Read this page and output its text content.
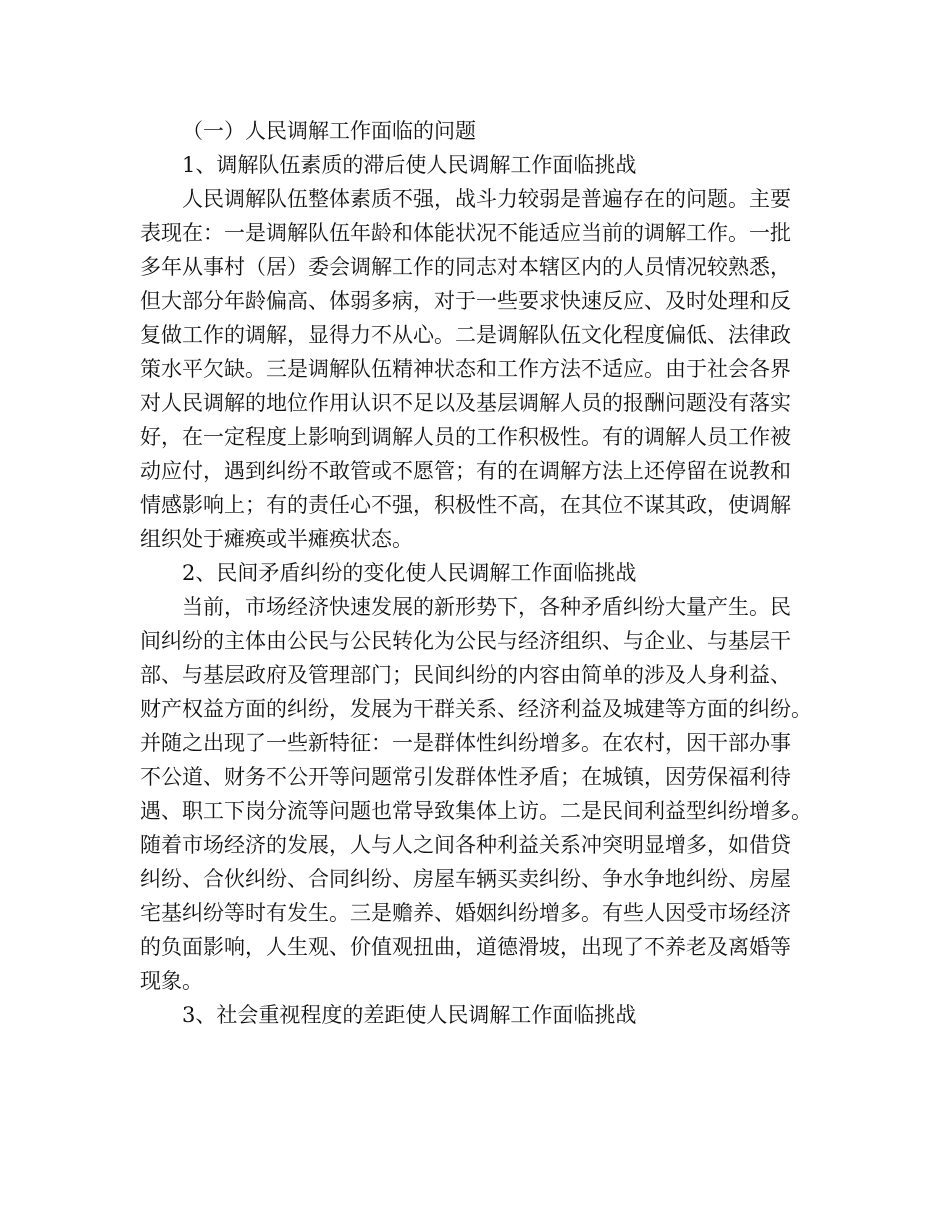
（一）人民调解工作面临的问题
1、调解队伍素质的滞后使人民调解工作面临挑战
人民调解队伍整体素质不强，战斗力较弱是普遍存在的问题。主要
表现在：一是调解队伍年龄和体能状况不能适应当前的调解工作。一批
多年从事村（居）委会调解工作的同志对本辖区内的人员情况较熟悉，
但大部分年龄偏高、体弱多病，对于一些要求快速反应、及时处理和反
复做工作的调解，显得力不从心。二是调解队伍文化程度偏低、法律政
策水平欠缺。三是调解队伍精神状态和工作方法不适应。由于社会各界
对人民调解的地位作用认识不足以及基层调解人员的报酬问题没有落实
好，在一定程度上影响到调解人员的工作积极性。有的调解人员工作被
动应付，遇到纠纷不敢管或不愿管；有的在调解方法上还停留在说教和
情感影响上；有的责任心不强，积极性不高，在其位不谋其政，使调解
组织处于瘫痪或半瘫痪状态。
2、民间矛盾纠纷的变化使人民调解工作面临挑战
当前，市场经济快速发展的新形势下，各种矛盾纠纷大量产生。民
间纠纷的主体由公民与公民转化为公民与经济组织、与企业、与基层干
部、与基层政府及管理部门；民间纠纷的内容由简单的涉及人身利益、
财产权益方面的纠纷，发展为干群关系、经济利益及城建等方面的纠纷。
并随之出现了一些新特征：一是群体性纠纷增多。在农村，因干部办事
不公道、财务不公开等问题常引发群体性矛盾；在城镇，因劳保福利待
遇、职工下岗分流等问题也常导致集体上访。二是民间利益型纠纷增多。
随着市场经济的发展，人与人之间各种利益关系冲突明显增多，如借贷
纠纷、合伙纠纷、合同纠纷、房屋车辆买卖纠纷、争水争地纠纷、房屋
宅基纠纷等时有发生。三是赡养、婚姻纠纷增多。有些人因受市场经济
的负面影响，人生观、价值观扭曲，道德滑坡，出现了不养老及离婚等
现象。
3、社会重视程度的差距使人民调解工作面临挑战
